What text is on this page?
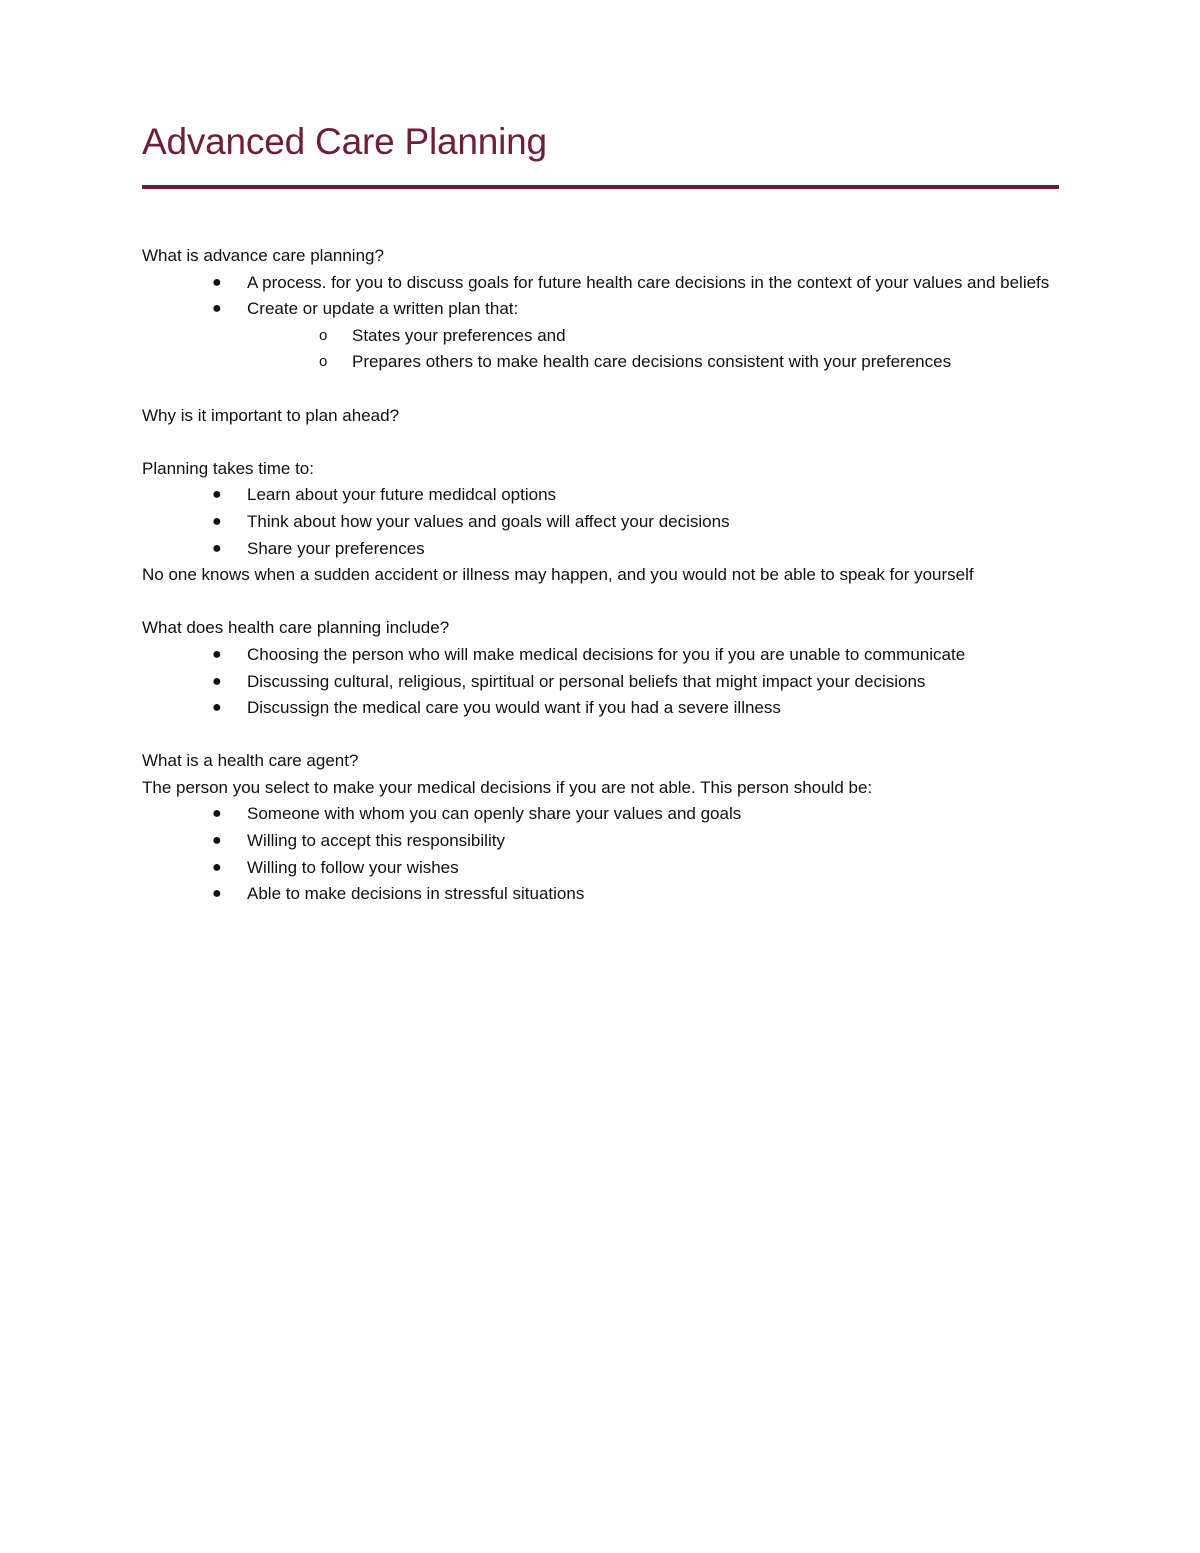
Advanced Care Planning

What is advance care planning?

●	A process. for you to discuss goals for future health care decisions in the context of your values and beliefs
●	Create or update a written plan that:
o	States your preferences and
o	Prepares others to make health care decisions consistent with your preferences

Why is it important to plan ahead?

Planning takes time to:

●	Learn about your future medidcal options
●	Think about how your values and goals will affect your decisions
●	Share your preferences

No one knows when a sudden accident or illness may happen, and you would not be able to speak for yourself

What does health care planning include?

●	Choosing the person who will make medical decisions for you if you are unable to communicate
●	Discussing cultural, religious, spirtitual or personal beliefs that might impact your decisions
●	Discussign the medical care you would want if you had a severe illness

What is a health care agent?

The person you select to make your medical decisions if you are not able. This person should be:

●	Someone with whom you can openly share your values and goals
●	Willing to accept this responsibility
●	Willing to follow your wishes
●	Able to make decisions in stressful situations
